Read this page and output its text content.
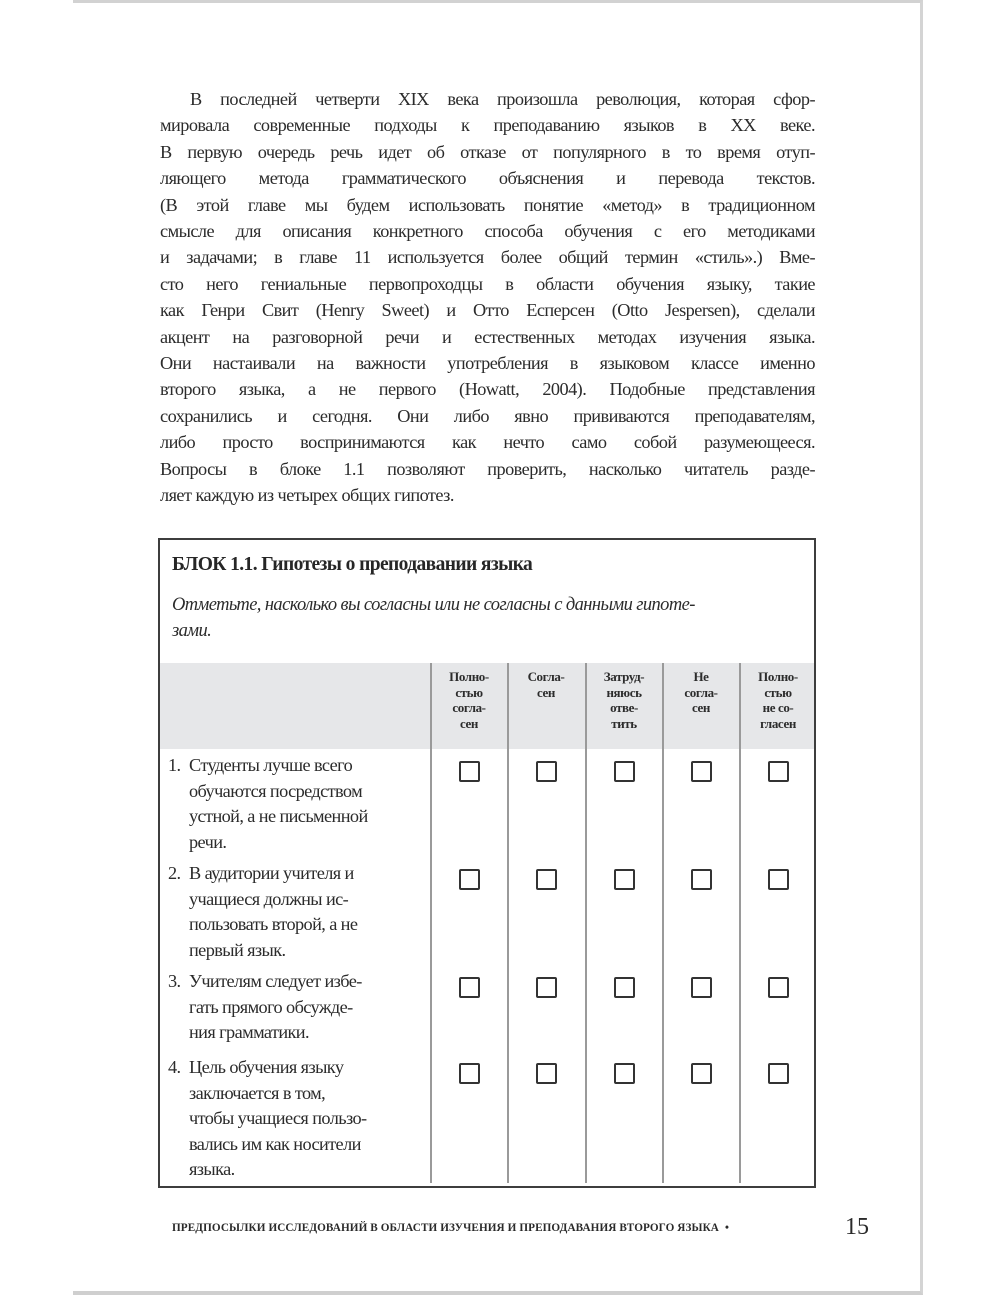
В последней четверти XIX века произошла революция, которая сфор-
мировала современные подходы к преподаванию языков в XX веке.
В первую очередь речь идет об отказе от популярного в то время отуп-
ляющего метода грамматического объяснения и перевода текстов.
(В этой главе мы будем использовать понятие «метод» в традиционном
смысле для описания конкретного способа обучения с его методиками
и задачами; в главе 11 используется более общий термин «стиль».) Вме-
сто него гениальные первопроходцы в области обучения языку, такие
как Генри Свит (Henry Sweet) и Отто Есперсен (Otto Jespersen), сделали
акцент на разговорной речи и естественных методах изучения языка.
Они настаивали на важности употребления в языковом классе именно
второго языка, а не первого (Howatt, 2004). Подобные представления
сохранились и сегодня. Они либо явно прививаются преподавателям,
либо просто воспринимаются как нечто само собой разумеющееся.
Вопросы в блоке 1.1 позволяют проверить, насколько читатель разде-
ляет каждую из четырех общих гипотез.
БЛОК 1.1. Гипотезы о преподавании языка
Отметьте, насколько вы согласны или не согласны с данными гипоте-
зами.
Полно-
стью
согла-
сен
Согла-
сен
Затруд-
няюсь
отве-
тить
Не
согла-
сен
Полно-
стью
не со-
гласен
1. Студенты лучше всего
обучаются посредством
устной, а не письменной
речи.
2. В аудитории учителя и
учащиеся должны ис-
пользовать второй, а не
первый язык.
3. Учителям следует избе-
гать прямого обсужде-
ния грамматики.
4. Цель обучения языку
заключается в том,
чтобы учащиеся пользо-
вались им как носители
языка.
ПРЕДПОСЫЛКИ ИССЛЕДОВАНИЙ В ОБЛАСТИ ИЗУЧЕНИЯ И ПРЕПОДАВАНИЯ ВТОРОГО ЯЗЫКА •	15
